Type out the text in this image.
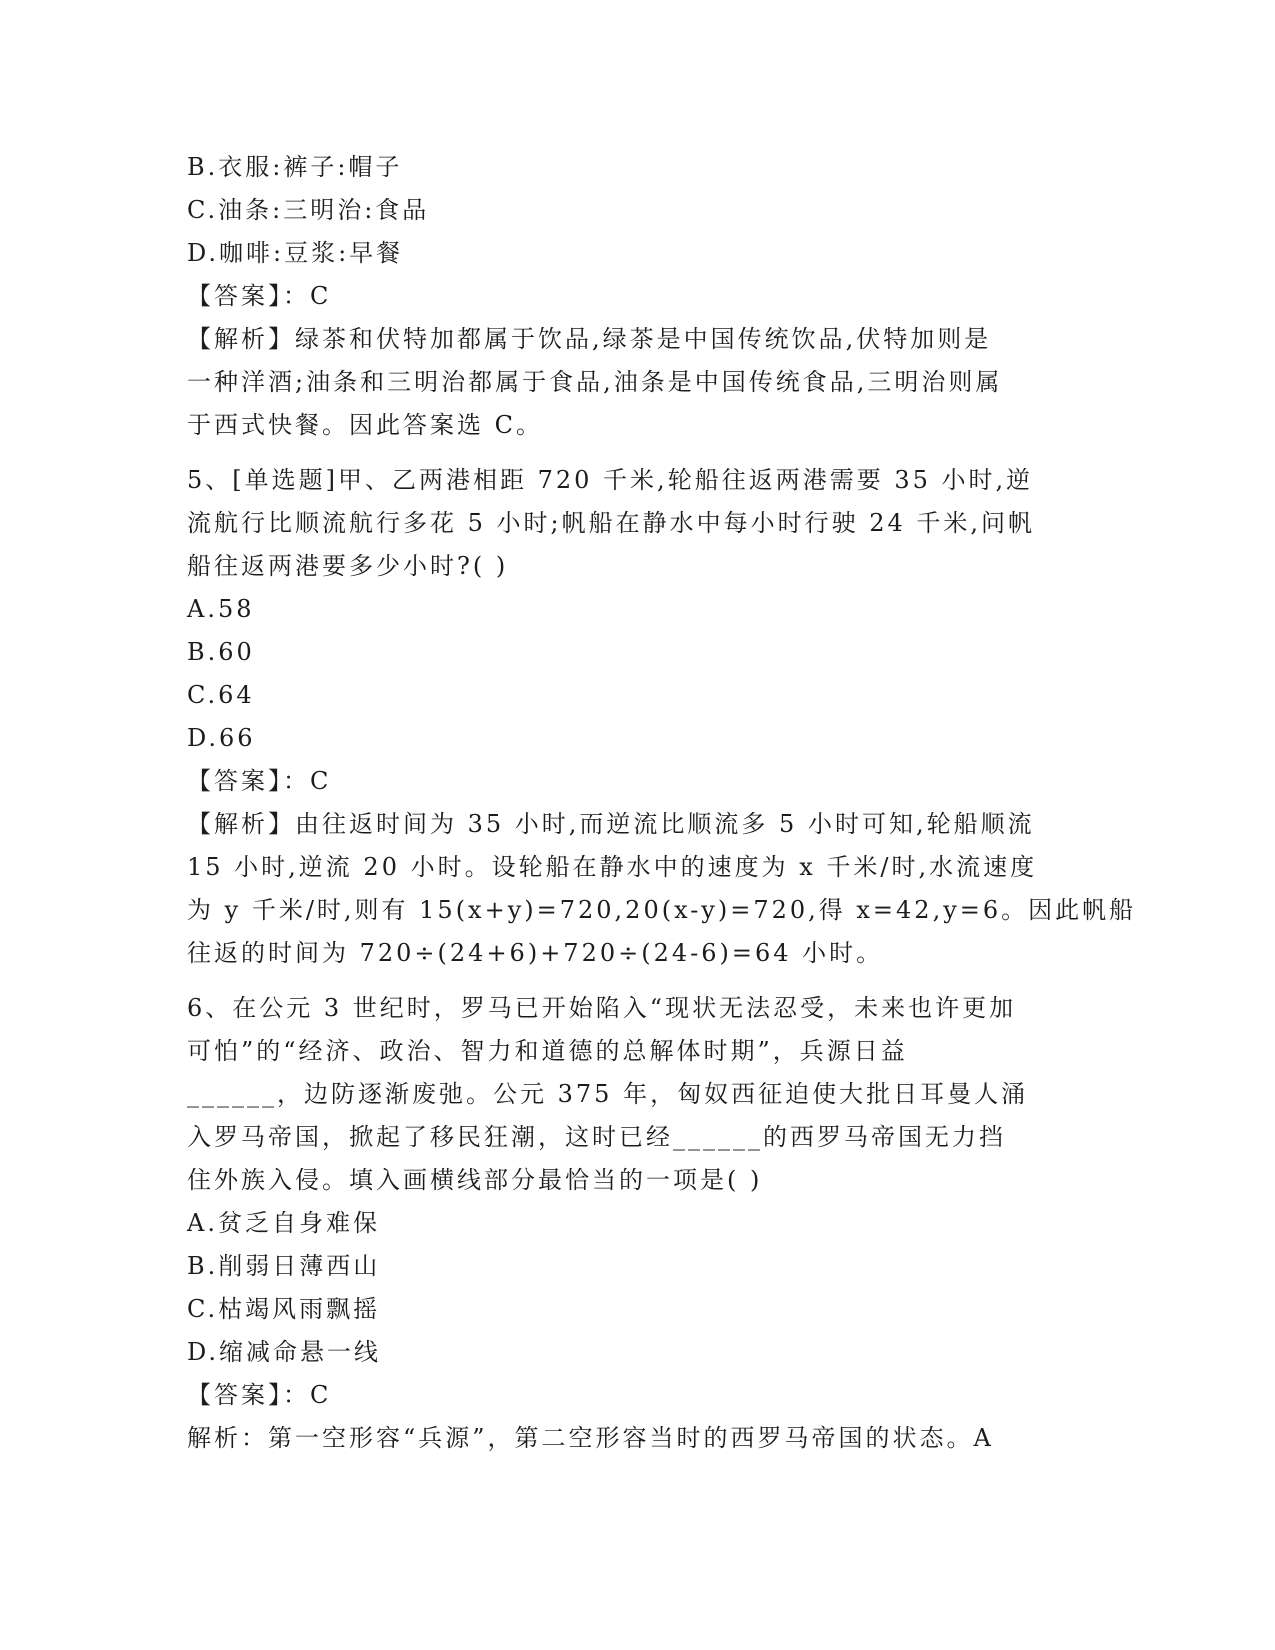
B.衣服:裤子:帽子
C.油条:三明治:食品
D.咖啡:豆浆:早餐
【答案】：C
【解析】绿茶和伏特加都属于饮品,绿茶是中国传统饮品,伏特加则是
一种洋酒;油条和三明治都属于食品,油条是中国传统食品,三明治则属
于西式快餐。因此答案选 C。
5、[单选题]甲、乙两港相距 720 千米,轮船往返两港需要 35 小时,逆
流航行比顺流航行多花 5 小时;帆船在静水中每小时行驶 24 千米,问帆
船往返两港要多少小时?( )
A.58
B.60
C.64
D.66
【答案】：C
【解析】由往返时间为 35 小时,而逆流比顺流多 5 小时可知,轮船顺流
15 小时,逆流 20 小时。设轮船在静水中的速度为 x 千米/时,水流速度
为 y 千米/时,则有 15(x+y)=720,20(x-y)=720,得 x=42,y=6。因此帆船
往返的时间为 720÷(24+6)+720÷(24-6)=64 小时。
6、在公元 3 世纪时，罗马已开始陷入“现状无法忍受，未来也许更加
可怕”的“经济、政治、智力和道德的总解体时期”，兵源日益
______，边防逐渐废弛。公元 375 年，匈奴西征迫使大批日耳曼人涌
入罗马帝国，掀起了移民狂潮，这时已经______的西罗马帝国无力挡
住外族入侵。填入画横线部分最恰当的一项是( )
A.贫乏自身难保
B.削弱日薄西山
C.枯竭风雨飘摇
D.缩减命悬一线
【答案】：C
解析：第一空形容“兵源”，第二空形容当时的西罗马帝国的状态。A
